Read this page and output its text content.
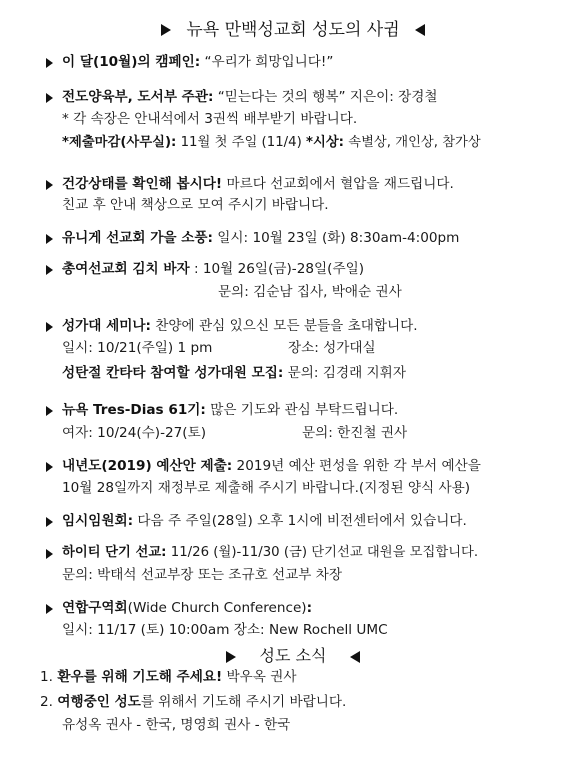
뉴욕 만백성교회 성도의 사귐
이 달(10월)의 캠페인: “우리가 희망입니다!”
전도양육부, 도서부 주관: “믿는다는 것의 행복” 지은이: 장경철
* 각 속장은 안내석에서 3권씩 배부받기 바랍니다.
*제출마감(사무실): 11월 첫 주일 (11/4) *시상: 속별상, 개인상, 참가상
건강상태를 확인해 봅시다! 마르다 선교회에서 혈압을 재드립니다.
친교 후 안내 책상으로 모여 주시기 바랍니다.
유니게 선교회 가을 소풍: 일시: 10월 23일 (화) 8:30am-4:00pm
총여선교회 김치 바자 : 10월 26일(금)-28일(주일)
문의: 김순남 집사, 박애순 권사
성가대 세미나: 찬양에 관심 있으신 모든 분들을 초대합니다.
일시: 10/21(주일) 1 pm	장소: 성가대실
성탄절 칸타타 참여할 성가대원 모집: 문의: 김경래 지휘자
뉴욕 Tres-Dias 61기: 많은 기도와 관심 부탁드립니다.
여자: 10/24(수)-27(토)	문의: 한진철 권사
내년도(2019) 예산안 제출: 2019년 예산 편성을 위한 각 부서 예산을
10월 28일까지 재정부로 제출해 주시기 바랍니다.(지정된 양식 사용)
임시임원회: 다음 주 주일(28일) 오후 1시에 비전센터에서 있습니다.
하이티 단기 선교: 11/26 (월)-11/30 (금) 단기선교 대원을 모집합니다.
문의: 박태석 선교부장 또는 조규호 선교부 차장
연합구역회(Wide Church Conference):
일시: 11/17 (토) 10:00am 장소: New Rochell UMC
성도 소식
1. 환우를 위해 기도해 주세요! 박우옥 권사
2. 여행중인 성도를 위해서 기도해 주시기 바랍니다.
유성옥 권사 - 한국, 명영희 권사 - 한국
